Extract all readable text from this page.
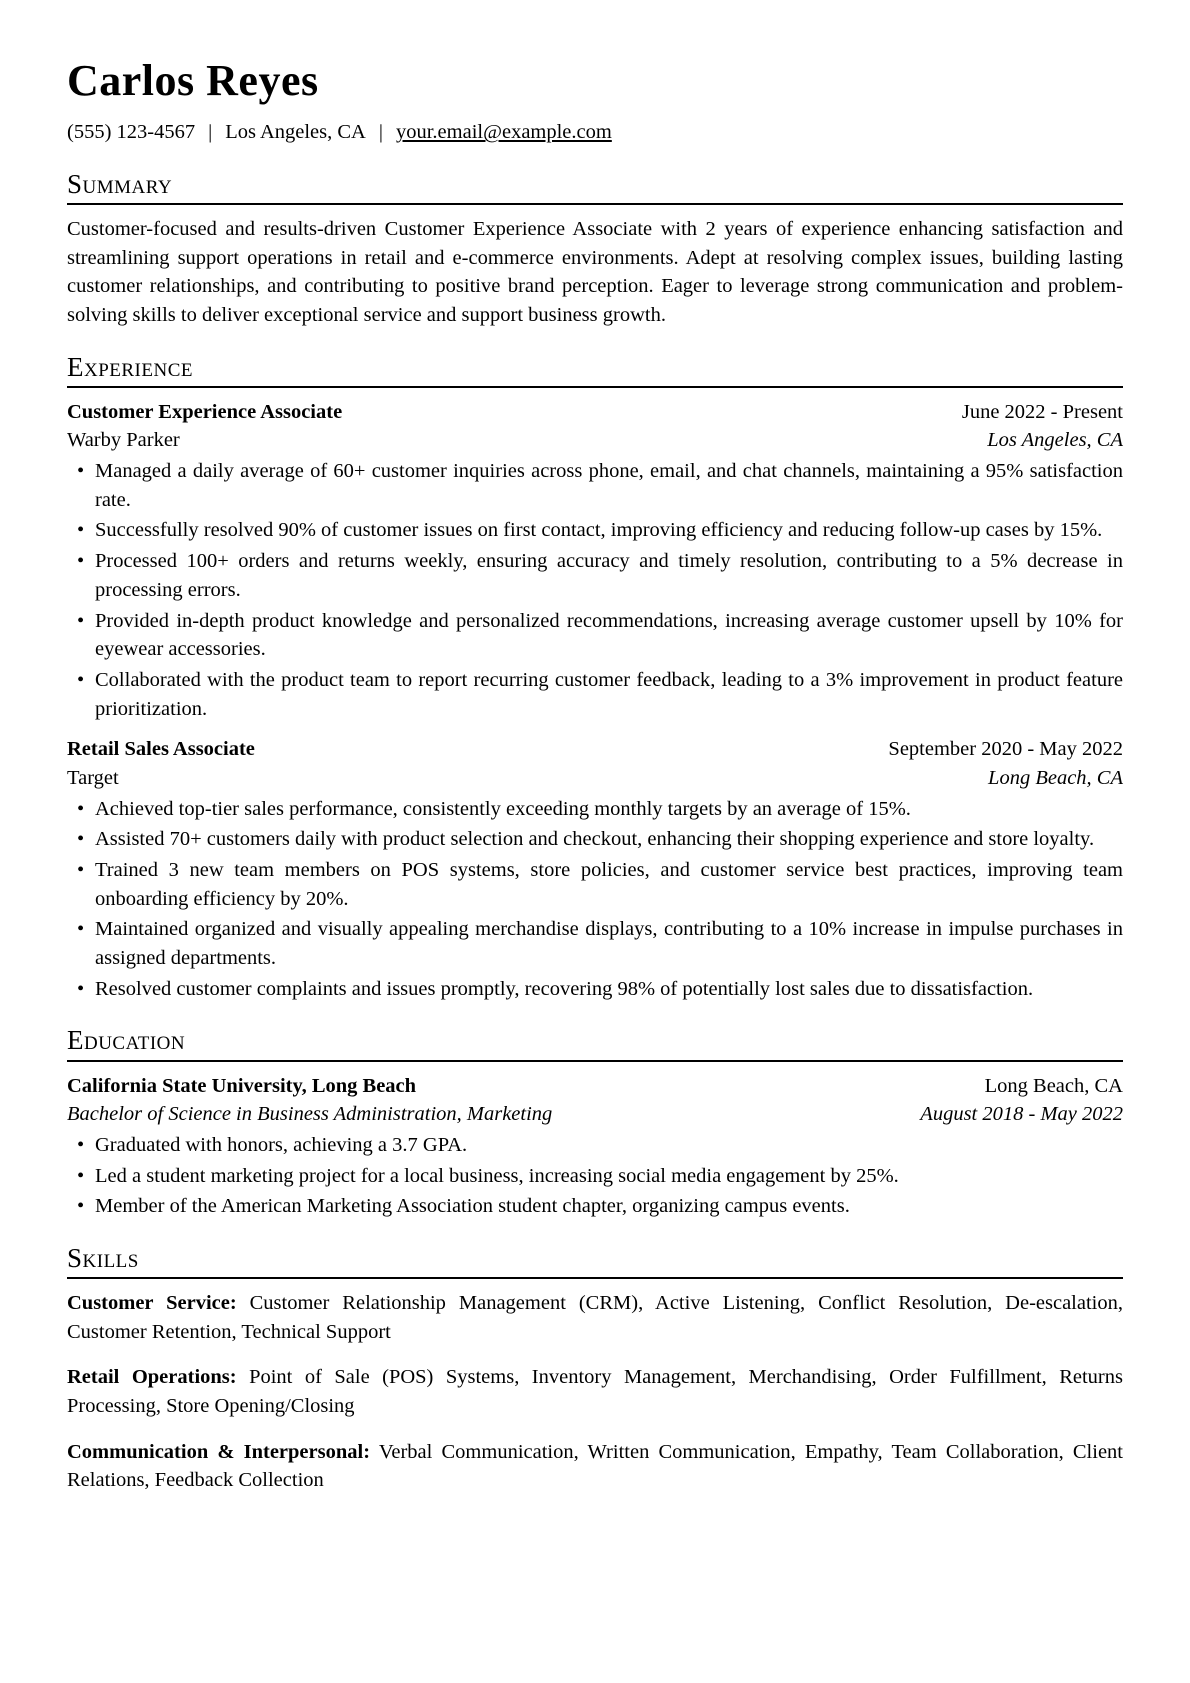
Carlos Reyes

(555) 123-4567 | Los Angeles, CA | your.email@example.com

Summary

Customer-focused and results-driven Customer Experience Associate with 2 years of experience enhancing satisfaction and streamlining support operations in retail and e-commerce environments. Adept at resolving complex issues, building lasting customer relationships, and contributing to positive brand perception. Eager to leverage strong communication and problem-solving skills to deliver exceptional service and support business growth.

Experience
Customer Experience Associate	June 2022 - Present
Warby Parker	Los Angeles, CA
• Managed a daily average of 60+ customer inquiries across phone, email, and chat channels, maintaining a 95% satisfaction rate.
• Successfully resolved 90% of customer issues on first contact, improving efficiency and reducing follow-up cases by 15%.
• Processed 100+ orders and returns weekly, ensuring accuracy and timely resolution, contributing to a 5% decrease in processing errors.
• Provided in-depth product knowledge and personalized recommendations, increasing average customer upsell by 10% for eyewear accessories.
• Collaborated with the product team to report recurring customer feedback, leading to a 3% improvement in product feature prioritization.
Retail Sales Associate	September 2020 - May 2022
Target	Long Beach, CA
• Achieved top-tier sales performance, consistently exceeding monthly targets by an average of 15%.
• Assisted 70+ customers daily with product selection and checkout, enhancing their shopping experience and store loyalty.
• Trained 3 new team members on POS systems, store policies, and customer service best practices, improving team onboarding efficiency by 20%.
• Maintained organized and visually appealing merchandise displays, contributing to a 10% increase in impulse purchases in assigned departments.
• Resolved customer complaints and issues promptly, recovering 98% of potentially lost sales due to dissatisfaction.
Education
California State University, Long Beach	Long Beach, CA
Bachelor of Science in Business Administration, Marketing	August 2018 - May 2022
• Graduated with honors, achieving a 3.7 GPA.
• Led a student marketing project for a local business, increasing social media engagement by 25%.
• Member of the American Marketing Association student chapter, organizing campus events.
Skills

Customer Service: Customer Relationship Management (CRM), Active Listening, Conflict Resolution, De-escalation, Customer Retention, Technical Support

Retail Operations: Point of Sale (POS) Systems, Inventory Management, Merchandising, Order Fulfillment, Returns Processing, Store Opening/Closing

Communication & Interpersonal: Verbal Communication, Written Communication, Empathy, Team Collaboration, Client Relations, Feedback Collection
